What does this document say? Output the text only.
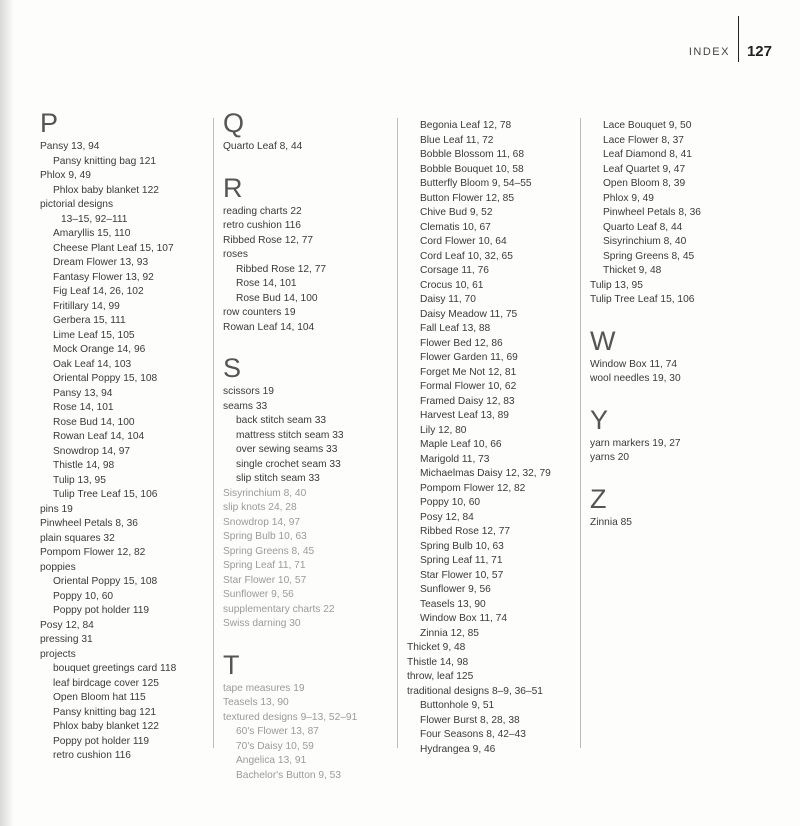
INDEX 127
P
Pansy 13, 94
Pansy knitting bag 121
Phlox 9, 49
Phlox baby blanket 122
pictorial designs
13–15, 92–111
Amaryllis 15, 110
Cheese Plant Leaf 15, 107
Dream Flower 13, 93
Fantasy Flower 13, 92
Fig Leaf 14, 26, 102
Fritillary 14, 99
Gerbera 15, 111
Lime Leaf 15, 105
Mock Orange 14, 96
Oak Leaf 14, 103
Oriental Poppy 15, 108
Pansy 13, 94
Rose 14, 101
Rose Bud 14, 100
Rowan Leaf 14, 104
Snowdrop 14, 97
Thistle 14, 98
Tulip 13, 95
Tulip Tree Leaf 15, 106
pins 19
Pinwheel Petals 8, 36
plain squares 32
Pompom Flower 12, 82
poppies
Oriental Poppy 15, 108
Poppy 10, 60
Poppy pot holder 119
Posy 12, 84
pressing 31
projects
bouquet greetings card 118
leaf birdcage cover 125
Open Bloom hat 115
Pansy knitting bag 121
Phlox baby blanket 122
Poppy pot holder 119
retro cushion 116
Q
Quarto Leaf 8, 44
R
reading charts 22
retro cushion 116
Ribbed Rose 12, 77
roses
Ribbed Rose 12, 77
Rose 14, 101
Rose Bud 14, 100
row counters 19
Rowan Leaf 14, 104
S
scissors 19
seams 33
back stitch seam 33
mattress stitch seam 33
over sewing seams 33
single crochet seam 33
slip stitch seam 33
Sisyrinchium 8, 40
slip knots 24, 28
Snowdrop 14, 97
Spring Bulb 10, 63
Spring Greens 8, 45
Spring Leaf 11, 71
Star Flower 10, 57
Sunflower 9, 56
supplementary charts 22
Swiss darning 30
T
tape measures 19
Teasels 13, 90
textured designs 9–13, 52–91
60's Flower 13, 87
70's Daisy 10, 59
Angelica 13, 91
Bachelor's Button 9, 53
Begonia Leaf 12, 78
Blue Leaf 11, 72
Bobble Blossom 11, 68
Bobble Bouquet 10, 58
Butterfly Bloom 9, 54–55
Button Flower 12, 85
Chive Bud 9, 52
Clematis 10, 67
Cord Flower 10, 64
Cord Leaf 10, 32, 65
Corsage 11, 76
Crocus 10, 61
Daisy 11, 70
Daisy Meadow 11, 75
Fall Leaf 13, 88
Flower Bed 12, 86
Flower Garden 11, 69
Forget Me Not 12, 81
Formal Flower 10, 62
Framed Daisy 12, 83
Harvest Leaf 13, 89
Lily 12, 80
Maple Leaf 10, 66
Marigold 11, 73
Michaelmas Daisy 12, 32, 79
Pompom Flower 12, 82
Poppy 10, 60
Posy 12, 84
Ribbed Rose 12, 77
Spring Bulb 10, 63
Spring Leaf 11, 71
Star Flower 10, 57
Sunflower 9, 56
Teasels 13, 90
Window Box 11, 74
Zinnia 12, 85
Thicket 9, 48
Thistle 14, 98
throw, leaf 125
traditional designs 8–9, 36–51
Buttonhole 9, 51
Flower Burst 8, 28, 38
Four Seasons 8, 42–43
Hydrangea 9, 46
Lace Bouquet 9, 50
Lace Flower 8, 37
Leaf Diamond 8, 41
Leaf Quartet 9, 47
Open Bloom 8, 39
Phlox 9, 49
Pinwheel Petals 8, 36
Quarto Leaf 8, 44
Sisyrinchium 8, 40
Spring Greens 8, 45
Thicket 9, 48
Tulip 13, 95
Tulip Tree Leaf 15, 106
W
Window Box 11, 74
wool needles 19, 30
Y
yarn markers 19, 27
yarns 20
Z
Zinnia 85
